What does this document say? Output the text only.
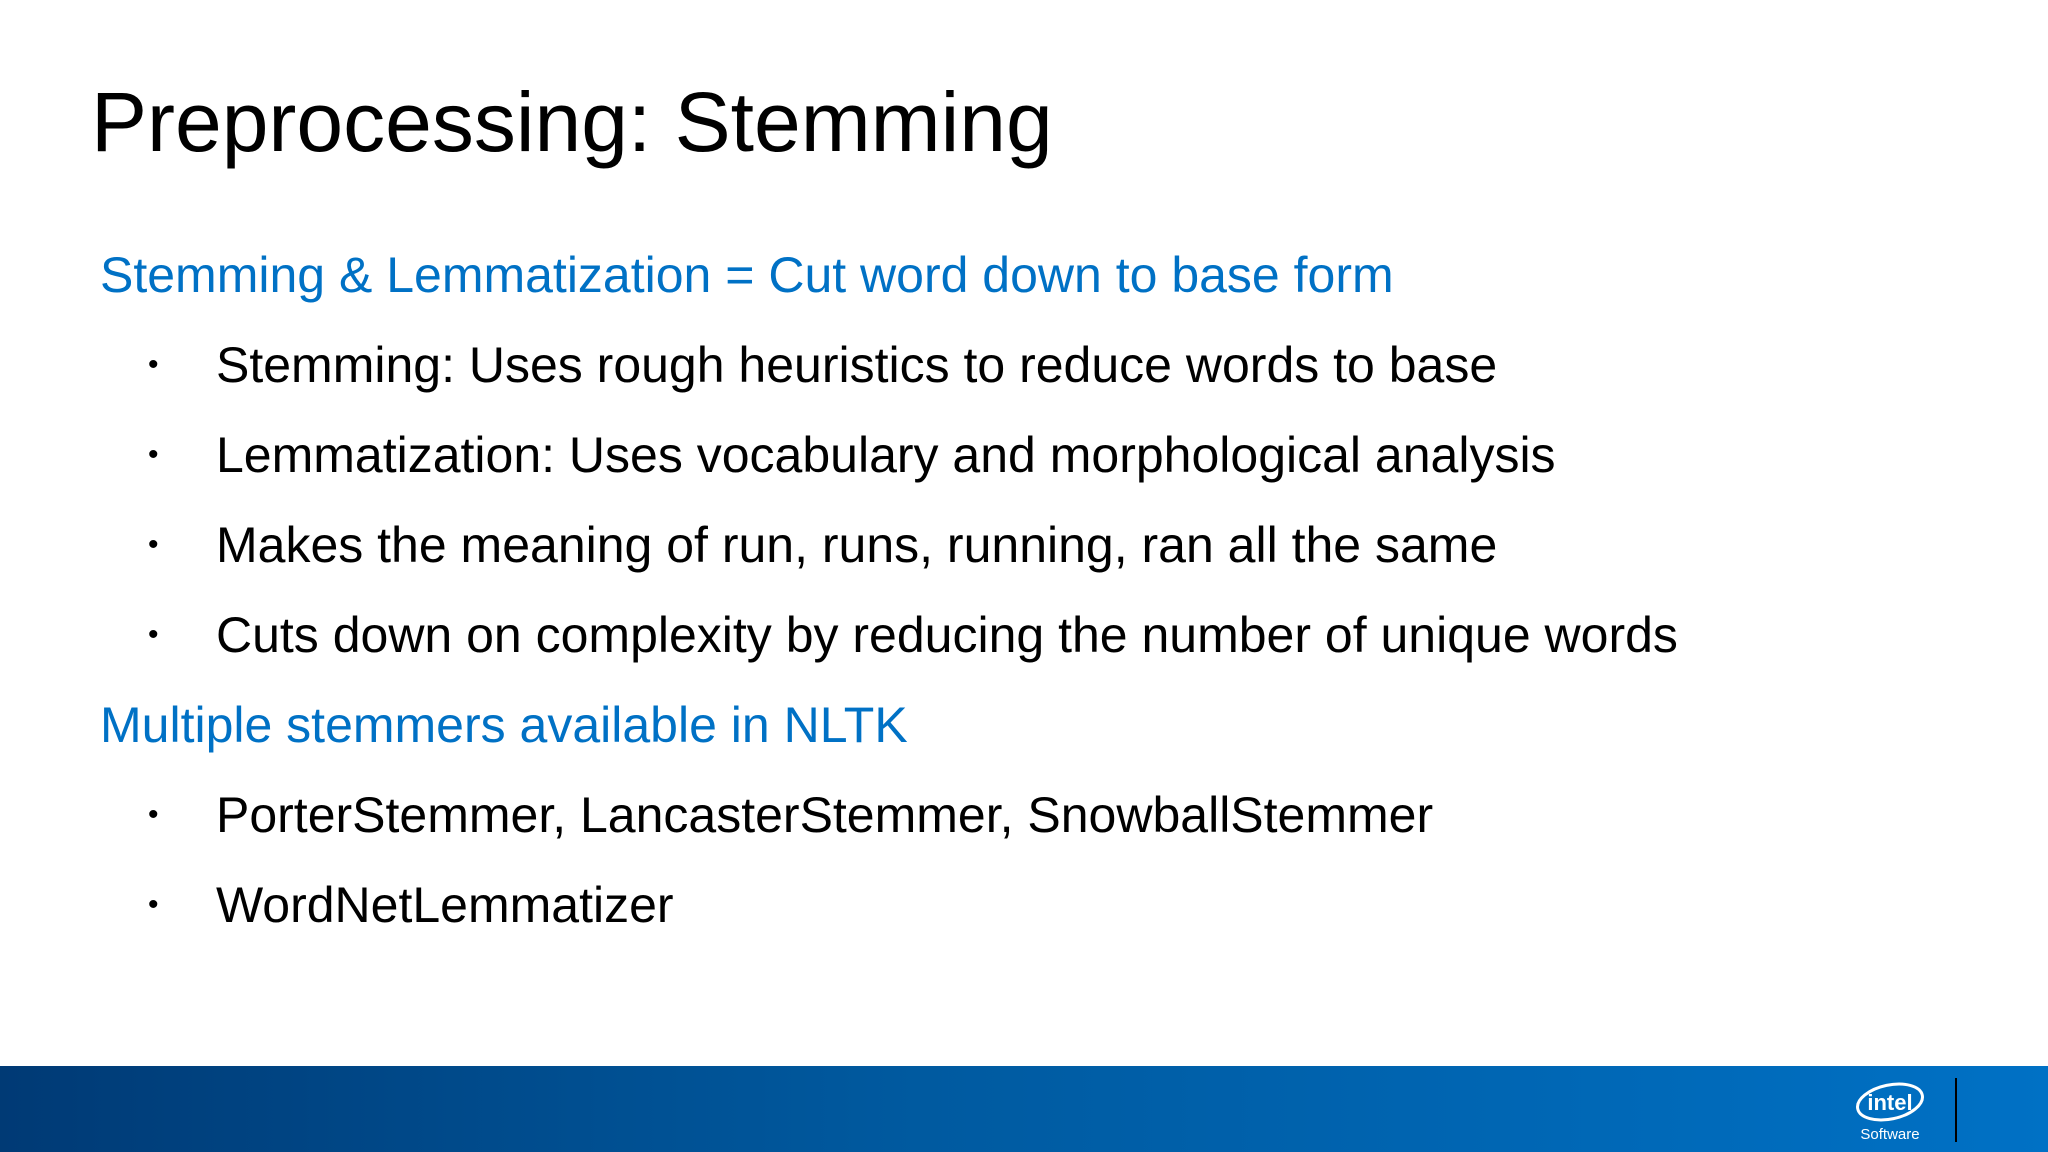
Preprocessing: Stemming

Stemming & Lemmatization = Cut word down to base form

• Stemming: Uses rough heuristics to reduce words to base
• Lemmatization: Uses vocabulary and morphological analysis
• Makes the meaning of run, runs, running, ran all the same
• Cuts down on complexity by reducing the number of unique words

Multiple stemmers available in NLTK

• PorterStemmer, LancasterStemmer, SnowballStemmer
• WordNetLemmatizer
intel
Software
